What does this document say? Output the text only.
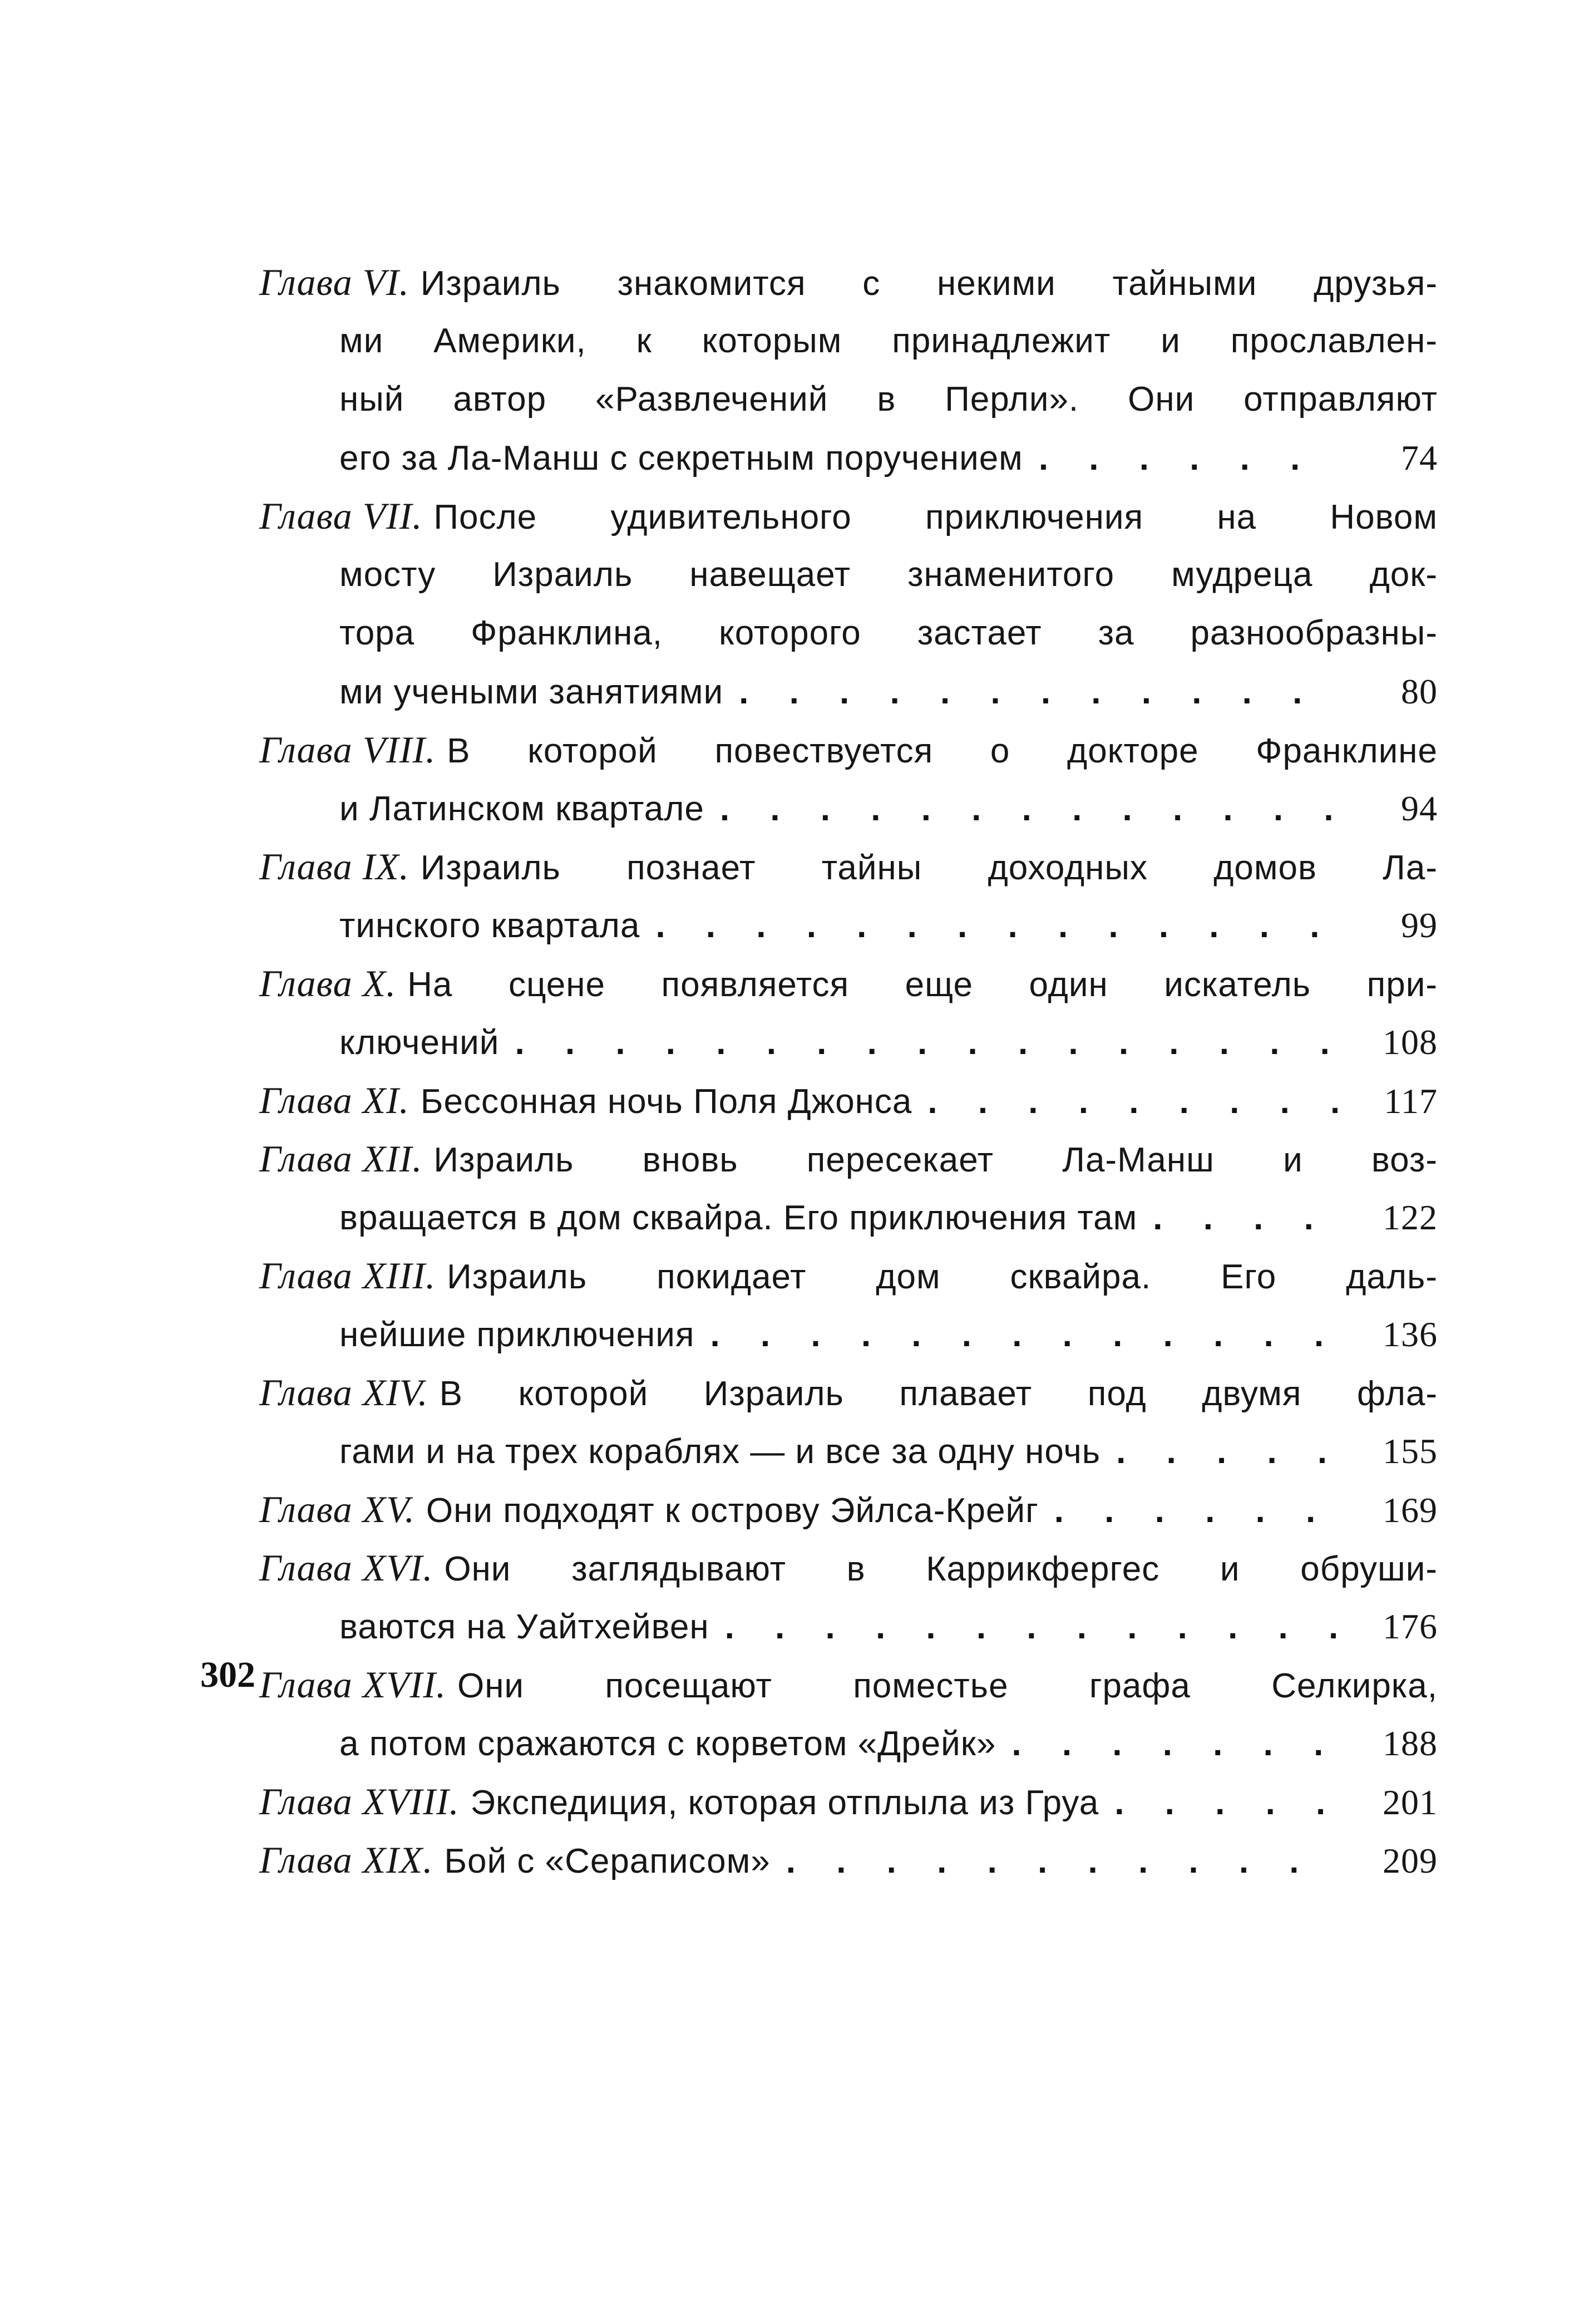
Глава VI. Израиль знакомится с некими тайными друзья-
ми Америки, к которым принадлежит и прославлен-
ный автор «Развлечений в Перли». Они отправляют
его за Ла-Манш с секретным поручением . . .	74
Глава VII. После удивительного приключения на Новом
мосту Израиль навещает знаменитого мудреца док-
тора Франклина, которого застает за разнообразны-
ми учеными занятиями . . .	80
Глава VIII. В которой повествуется о докторе Франклине
и Латинском квартале . . .	94
Глава IX. Израиль познает тайны доходных домов Ла-
тинского квартала . . .	99
Глава X. На сцене появляется еще один искатель при-
ключений . . .	108
Глава XI. Бессонная ночь Поля Джонса . . .	117
Глава XII. Израиль вновь пересекает Ла-Манш и воз-
вращается в дом сквайра. Его приключения там . . .	122
Глава XIII. Израиль покидает дом сквайра. Его даль-
нейшие приключения . . .	136
Глава XIV. В которой Израиль плавает под двумя фла-
гами и на трех кораблях — и все за одну ночь . . .	155
Глава XV. Они подходят к острову Эйлса-Крейг . . .	169
Глава XVI. Они заглядывают в Каррикфергес и обруши-
ваются на Уайтхейвен . . .	176
Глава XVII. Они посещают поместье графа Селкирка,
а потом сражаются с корветом «Дрейк» . . .	188
Глава XVIII. Экспедиция, которая отплыла из Груа . . .	201
Глава XIX. Бой с «Сераписом» . . .	209
302
